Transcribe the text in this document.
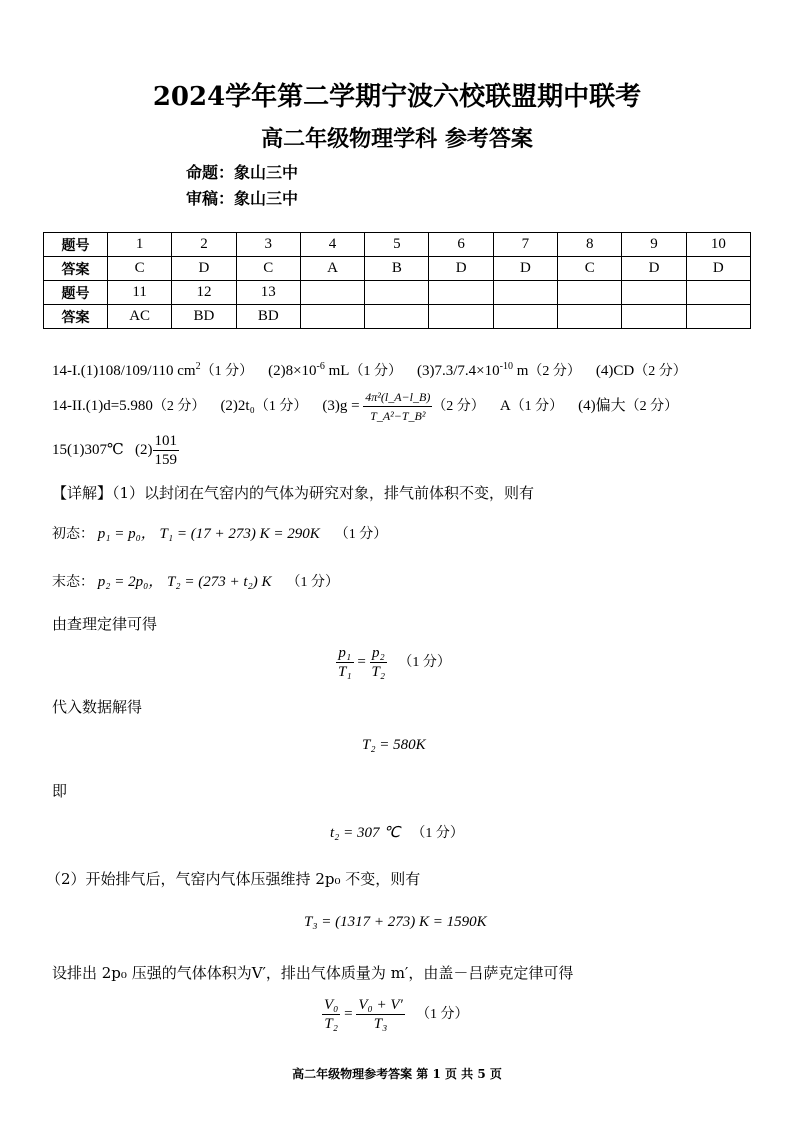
2024学年第二学期宁波六校联盟期中联考
高二年级物理学科 参考答案
命题：象山三中
审稿：象山三中
题号	1	2	3	4	5	6	7	8	9	10
答案	C	D	C	A	B	D	D	C	D	D
题号	11	12	13							
答案	AC	BD	BD							
14-I.(1)108/109/110 $cm^2(1$ 分） $(2)8\times 10^{-6}$ mL（1 分） $(3)7.3/7.4\times 10^{-10}$ m（2 分） (4)CD（2 分）
14-II.(1)d=5.980（2 分） (2)2t₀（1 分） $(3)g = \frac{\text{4π²(l\_A−l\_B)}}{\text{T\_A²−T\_B²}} (2$ 分） A（1 分） (4)偏大（2 分）
15(1)307℃ $(2) \frac{101}{159}$
【详解】（1）以封闭在气窑内的气体为研究对象，排气前体积不变，则有
初态： p₁ = p₀， T₁ = (17 + 273) K = 290K （1 分）
末态： p₂ = 2p₀， T₂ = (273 + t₂) K （1 分）
由查理定律可得
$\frac{\text{p₁}}{\text{T₁}} = \frac{\text{p₂}}{\text{T₂}} (1$ 分）
代入数据解得
T₂ = 580K
即
t₂ = 307 ℃ （1 分）
（2）开始排气后，气窑内气体压强维持 2p₀ 不变，则有
T₃ = (1317 + 273) K = 1590K
设排出 2p₀ 压强的气体体积为V′，排出气体质量为 m′，由盖－吕萨克定律可得
$\frac{\text{V₀}}{\text{T₂}} = \frac{\text{V₀ + V′}}{\text{T₃}} (1$ 分）
高二年级物理参考答案 第 1 页 共 5 页
